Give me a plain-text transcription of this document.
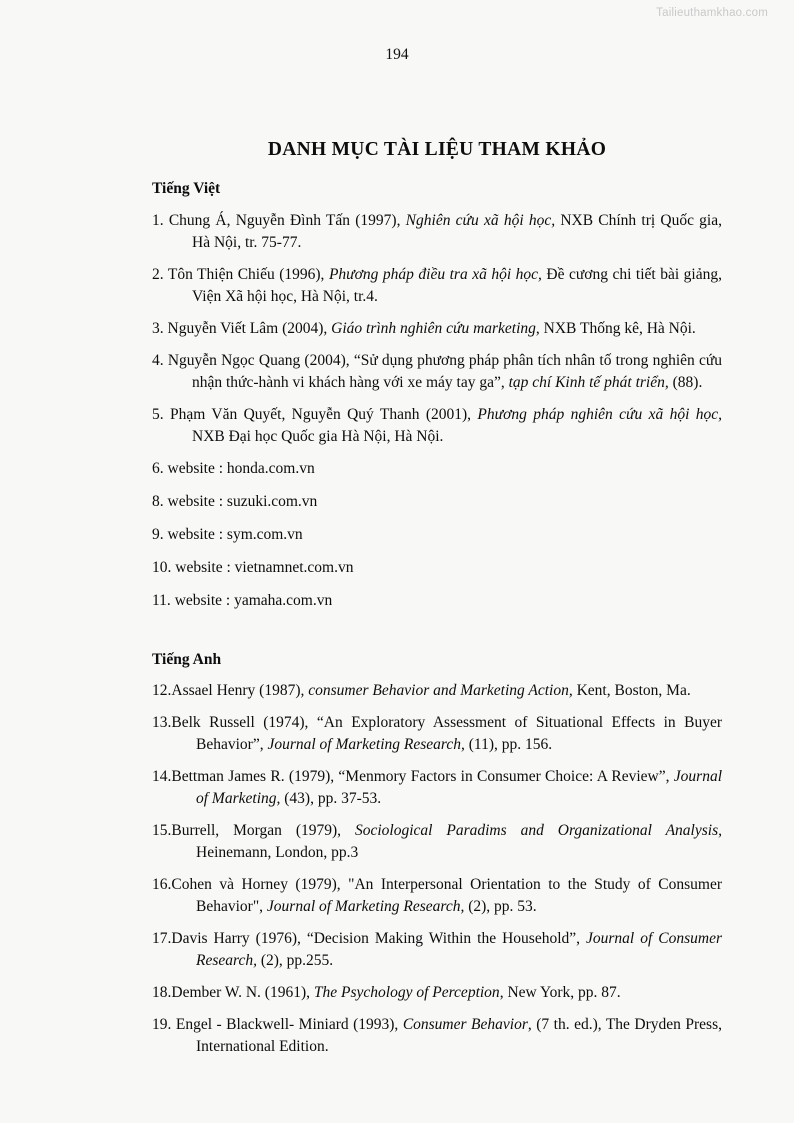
Tailieuthamkhao.com
194
DANH MỤC TÀI LIỆU THAM KHẢO
Tiếng Việt

1. Chung Á, Nguyễn Đình Tấn (1997), Nghiên cứu xã hội học, NXB Chính trị Quốc gia, Hà Nội, tr. 75-77.

2. Tôn Thiện Chiếu (1996), Phương pháp điều tra xã hội học, Đề cương chi tiết bài giảng, Viện Xã hội học, Hà Nội, tr.4.

3. Nguyễn Viết Lâm (2004), Giáo trình nghiên cứu marketing, NXB Thống kê, Hà Nội.

4. Nguyễn Ngọc Quang (2004), “Sử dụng phương pháp phân tích nhân tố trong nghiên cứu nhận thức-hành vi khách hàng với xe máy tay ga”, tạp chí Kinh tế phát triển, (88).

5. Phạm Văn Quyết, Nguyễn Quý Thanh (2001), Phương pháp nghiên cứu xã hội học, NXB Đại học Quốc gia Hà Nội, Hà Nội.

6. website : honda.com.vn

8. website : suzuki.com.vn

9. website : sym.com.vn

10. website : vietnamnet.com.vn

11. website : yamaha.com.vn

Tiếng Anh

12.Assael Henry (1987), consumer Behavior and Marketing Action, Kent, Boston, Ma.

13.Belk Russell (1974), “An Exploratory Assessment of Situational Effects in Buyer Behavior”, Journal of Marketing Research, (11), pp. 156.

14.Bettman James R. (1979), “Menmory Factors in Consumer Choice: A Review”, Journal of Marketing, (43), pp. 37-53.

15.Burrell, Morgan (1979), Sociological Paradims and Organizational Analysis, Heinemann, London, pp.3

16.Cohen và Horney (1979), "An Interpersonal Orientation to the Study of Consumer Behavior", Journal of Marketing Research, (2), pp. 53.

17.Davis Harry (1976), “Decision Making Within the Household”, Journal of Consumer Research, (2), pp.255.

18.Dember W. N. (1961), The Psychology of Perception, New York, pp. 87.

19. Engel - Blackwell- Miniard (1993), Consumer Behavior, (7 th. ed.), The Dryden Press, International Edition.
